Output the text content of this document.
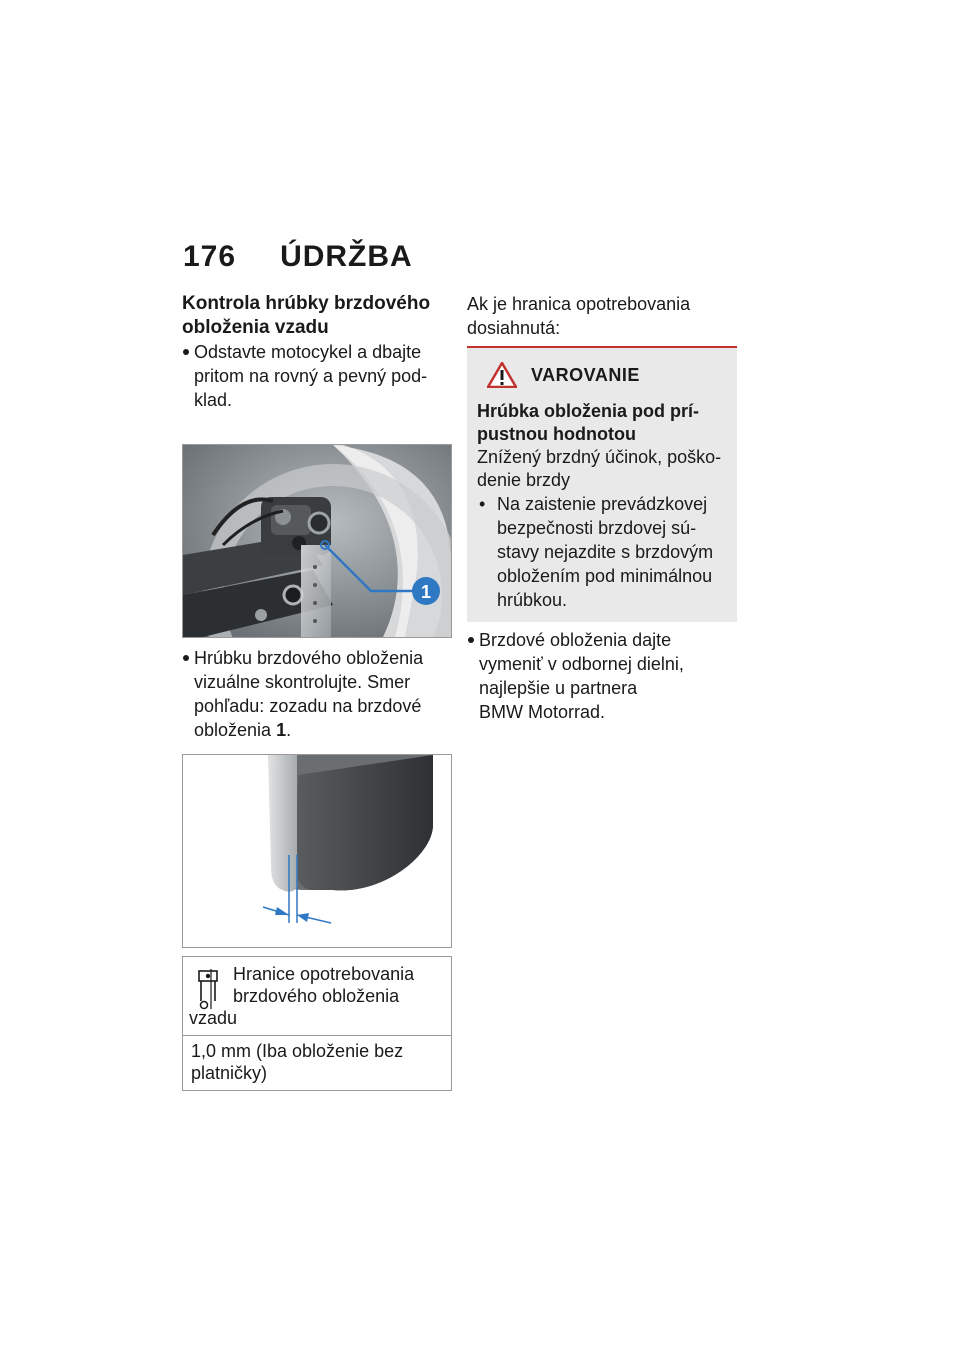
176 ÚDRŽBA
Kontrola hrúbky brzdového
obloženia vzadu
Odstavte motocykel a dbajte
pritom na rovný a pevný pod-
klad.
1
Hrúbku brzdového obloženia
vizuálne skontrolujte. Smer
pohľadu: zozadu na brzdové
obloženia 1.
Hranice opotrebovania
brzdového obloženia

vzadu
1,0 mm (Iba obloženie bez
platničky)
Ak je hranica opotrebovania
dosiahnutá:
VAROVANIE
Hrúbka obloženia pod prí-
pustnou hodnotou
Znížený brzdný účinok, poško-
denie brzdy
• Na zaistenie prevádzkovej
bezpečnosti brzdovej sú-
stavy nejazdite s brzdovým
obložením pod minimálnou
hrúbkou.
Brzdové obloženia dajte
vymeniť v odbornej dielni,
najlepšie u partnera
BMW Motorrad.
